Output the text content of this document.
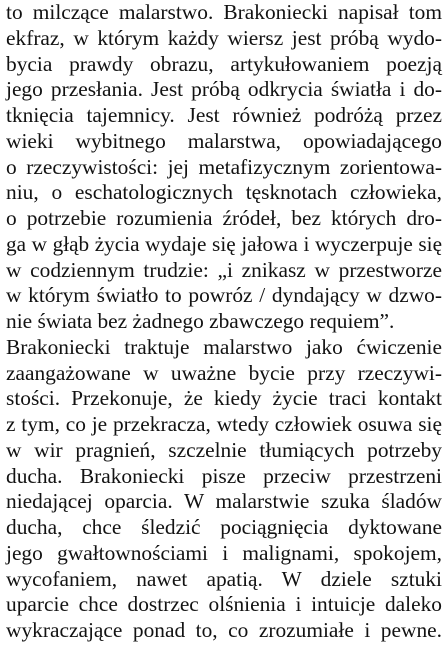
to milczące malarstwo. Brakoniecki napisał tom
ekfraz, w którym każdy wiersz jest próbą wydo-
bycia prawdy obrazu, artykułowaniem poezją
jego przesłania. Jest próbą odkrycia światła i do-
tknięcia tajemnicy. Jest również podróżą przez
wieki wybitnego malarstwa, opowiadającego
o rzeczywistości: jej metafizycznym zorientowa-
niu, o eschatologicznych tęsknotach człowieka,
o potrzebie rozumienia źródeł, bez których dro-
ga w głąb życia wydaje się jałowa i wyczerpuje się
w codziennym trudzie: „i znikasz w przestworze
w którym światło to powróz / dyndający w dzwo-
nie świata bez żadnego zbawczego requiem”.
Brakoniecki traktuje malarstwo jako ćwiczenie
zaangażowane w uważne bycie przy rzeczywi-
stości. Przekonuje, że kiedy życie traci kontakt
z tym, co je przekracza, wtedy człowiek osuwa się
w wir pragnień, szczelnie tłumiących potrzeby
ducha. Brakoniecki pisze przeciw przestrzeni
niedającej oparcia. W malarstwie szuka śladów
ducha, chce śledzić pociągnięcia dyktowane
jego gwałtownościami i malignami, spokojem,
wycofaniem, nawet apatią. W dziele sztuki
uparcie chce dostrzec olśnienia i intuicje daleko
wykraczające ponad to, co zrozumiałe i pewne.
